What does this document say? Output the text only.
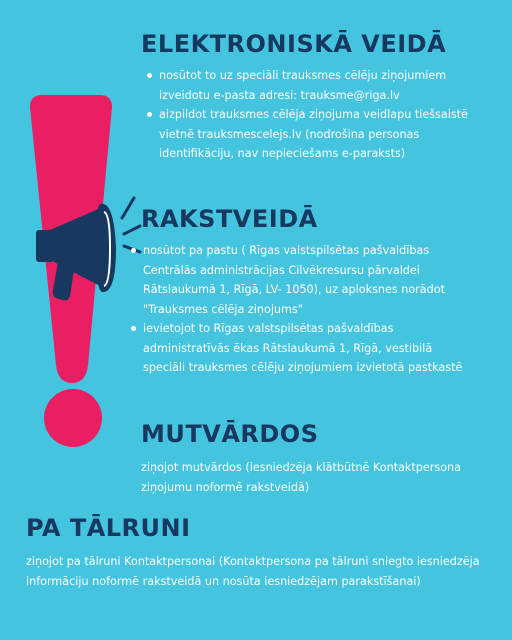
ELEKTRONISKĀ VEIDĀ
nosūtot to uz speciāli trauksmes cēlēju ziņojumiem izveidotu e-pasta adresi: trauksme@riga.lv
aizpildot trauksmes cēlēja ziņojuma veidlapu tiešsaistē vietnē trauksmescelejs.lv (nodrošina personas identifikāciju, nav nepieciešams e-paraksts)
RAKSTVEIDĀ
nosūtot pa pastu ( Rīgas valstspilsētas pašvaldības Centrālās administrācijas Cilvēkresursu pārvaldei Rātslaukumā 1, Rīgā, LV- 1050), uz aploksnes norādot "Trauksmes cēlēja ziņojums"
ievietojot to Rīgas valstspilsētas pašvaldības administratīvās ēkas Rātslaukumā 1, Rīgā, vestibilā speciāli trauksmes cēlēju ziņojumiem izvietotā pastkastē
MUTVĀRDOS

ziņojot mutvārdos (iesniedzēja klātbūtnē Kontaktpersona ziņojumu noformē rakstveidā)

PA TĀLRUNI

ziņojot pa tālruni Kontaktpersonai (Kontaktpersona pa tālruni sniegto iesniedzēja informāciju noformē rakstveidā un nosūta iesniedzējam parakstīšanai)
